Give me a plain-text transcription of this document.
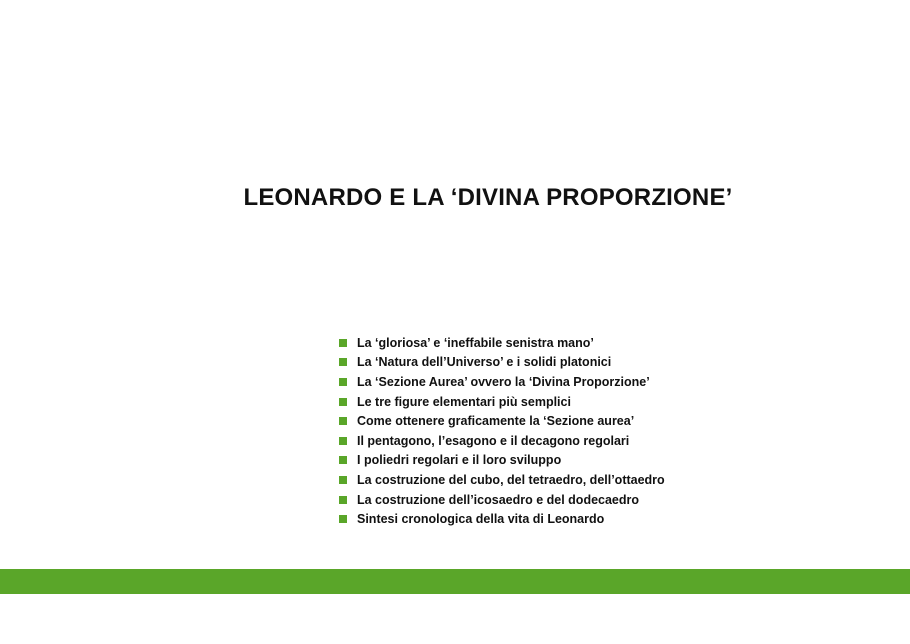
LEONARDO E LA ‘DIVINA PROPORZIONE’
La ‘gloriosa’ e ‘ineffabile senistra mano’
La ‘Natura dell’Universo’ e i solidi platonici
La ‘Sezione Aurea’ ovvero la ‘Divina Proporzione’
Le tre figure elementari più semplici
Come ottenere graficamente la ‘Sezione aurea’
Il pentagono, l’esagono e il decagono regolari
I poliedri regolari e il loro sviluppo
La costruzione del cubo, del tetraedro, dell’ottaedro
La costruzione dell’icosaedro e del dodecaedro
Sintesi cronologica della vita di Leonardo
